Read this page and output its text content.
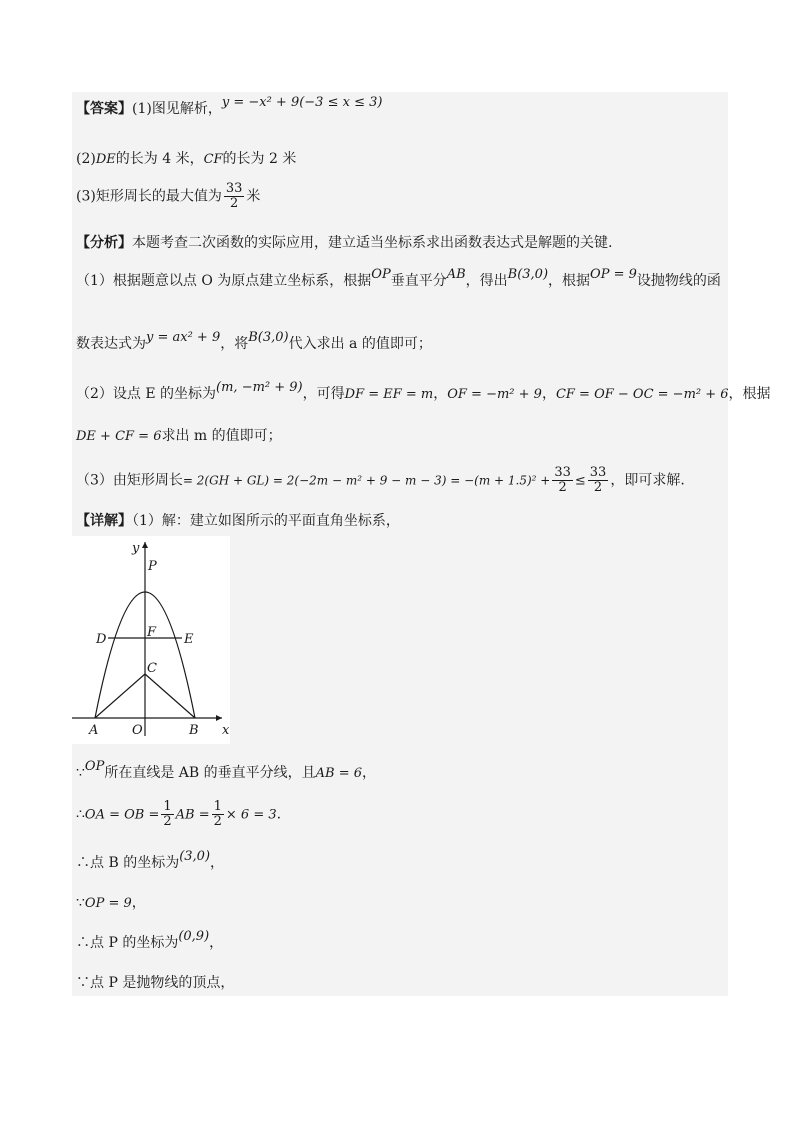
【答案】(1)图见解析，y = −x² + 9(−3 ≤ x ≤ 3)
(2)DE的长为 4 米，CF的长为 2 米
(3)矩形周长的最大值为 $\frac{33}{2}$ 米
【分析】本题考查二次函数的实际应用，建立适当坐标系求出函数表达式是解题的关键.
（1）根据题意以点 O 为原点建立坐标系，根据OP垂直平分AB，得出B(3,0)，根据OP = 9设抛物线的函
数表达式为y = ax² + 9，将B(3,0)代入求出 a 的值即可；
（2）设点 E 的坐标为(m, −m² + 9)，可得DF = EF = m，OF = −m² + 9，CF = OF − OC = −m² + 6，根据
DE + CF = 6求出 m 的值即可；
（3）由矩形周长= $2(GH + GL) = 2(-2m - m^2 + 9 - m - 3) = -(m + 1.5)^2 + \frac{33}{2} \le \frac{33}{2}$ ，即可求解.
【详解】（1）解：建立如图所示的平面直角坐标系，
y
x
P
F
D	E
C
A	O	B
∵OP所在直线是 AB 的垂直平分线，且AB = 6，
∴OA = OB = $\frac{1}{2}$ AB = $\frac{1}{2} \times 6 = 3$.
∴点 B 的坐标为(3,0)，
∵OP = 9，
∴点 P 的坐标为(0,9)，
∵点 P 是抛物线的顶点，
